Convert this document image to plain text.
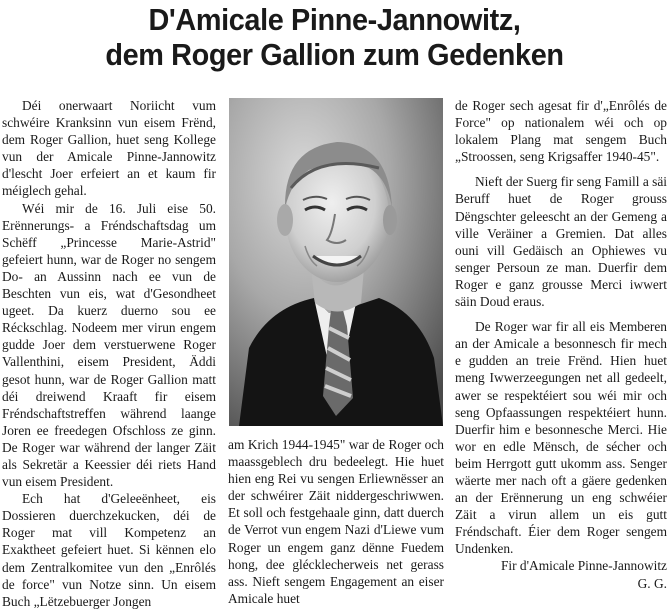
D'Amicale Pinne-Jannowitz,
dem Roger Gallion zum Gedenken

Déi onerwaart Noriicht vum schwéire Kranksinn vun eisem Frënd, dem Roger Gallion, huet seng Kollege vun der Amicale Pinne-Jannowitz d'lescht Joer erfeiert an et kaum fir méiglech gehal.

Wéi mir de 16. Juli eise 50. Erënnerungs- a Fréndschaftsdag um Schëff „Princesse Marie-Astrid" gefeiert hunn, war de Roger no sengem Do- an Aussinn nach ee vun de Beschten vun eis, wat d'Gesondheet ugeet. Da kuerz duerno sou ee Réckschlag. Nodeem mer virun engem gudde Joer dem verstuerwene Roger Vallenthini, eisem President, Äddi gesot hunn, war de Roger Gallion matt déi dreiwend Kraaft fir eisem Fréndschaftstreffen während laange Joren ee freedegen Ofschloss ze ginn. De Roger war während der langer Zäit als Sekretär a Keessier déi riets Hand vun eisem President.

Ech hat d'Geleeënheet, eis Dossieren duerchzekucken, déi de Roger mat vill Kompetenz an Exaktheet gefeiert huet. Si kënnen elo dem Zentralkomitee vun den „Enrôlés de force" vun Notze sinn. Un eisem Buch „Lëtzebuerger Jongen

am Krich 1944-1945" war de Roger och maassgeblech dru bedeelegt. Hie huet hien eng Rei vu sengen Erliewnësser an der schwéirer Zäit niddergeschriwwen. Et soll och festgehaale ginn, datt duerch de Verrot vun engem Nazi d'Liewe vum Roger un engem ganz dënne Fuedem hong, dee glécklecherweis net gerass ass. Nieft sengem Engagement an eiser Amicale huet

de Roger sech agesat fir d'„Enrôlés de Force" op nationalem wéi och op lokalem Plang mat sengem Buch „Stroossen, seng Krigsaffer 1940-45".

Nieft der Suerg fir seng Famill a säi Beruff huet de Roger grouss Dëngschter geleescht an der Gemeng a ville Veräiner a Gremien. Dat alles ouni vill Gedäisch an Ophiewes vu senger Persoun ze man. Duerfir dem Roger e ganz grousse Merci iwwert säin Doud eraus.

De Roger war fir all eis Memberen an der Amicale a besonnesch fir mech e gudden an treie Frënd. Hien huet meng Iwwerzeegungen net all gedeelt, awer se respektéiert sou wéi mir och seng Opfaassungen respektéiert hunn. Duerfir him e besonnesche Merci. Hie wor en edle Mënsch, de sécher och beim Herrgott gutt ukomm ass. Senger wäerte mer nach oft a gäere gedenken an der Erënnerung un eng schwéier Zäit a virun allem un eis gutt Fréndschaft. Éier dem Roger sengem Undenken.

Fir d'Amicale Pinne-Jannowitz

G. G.
